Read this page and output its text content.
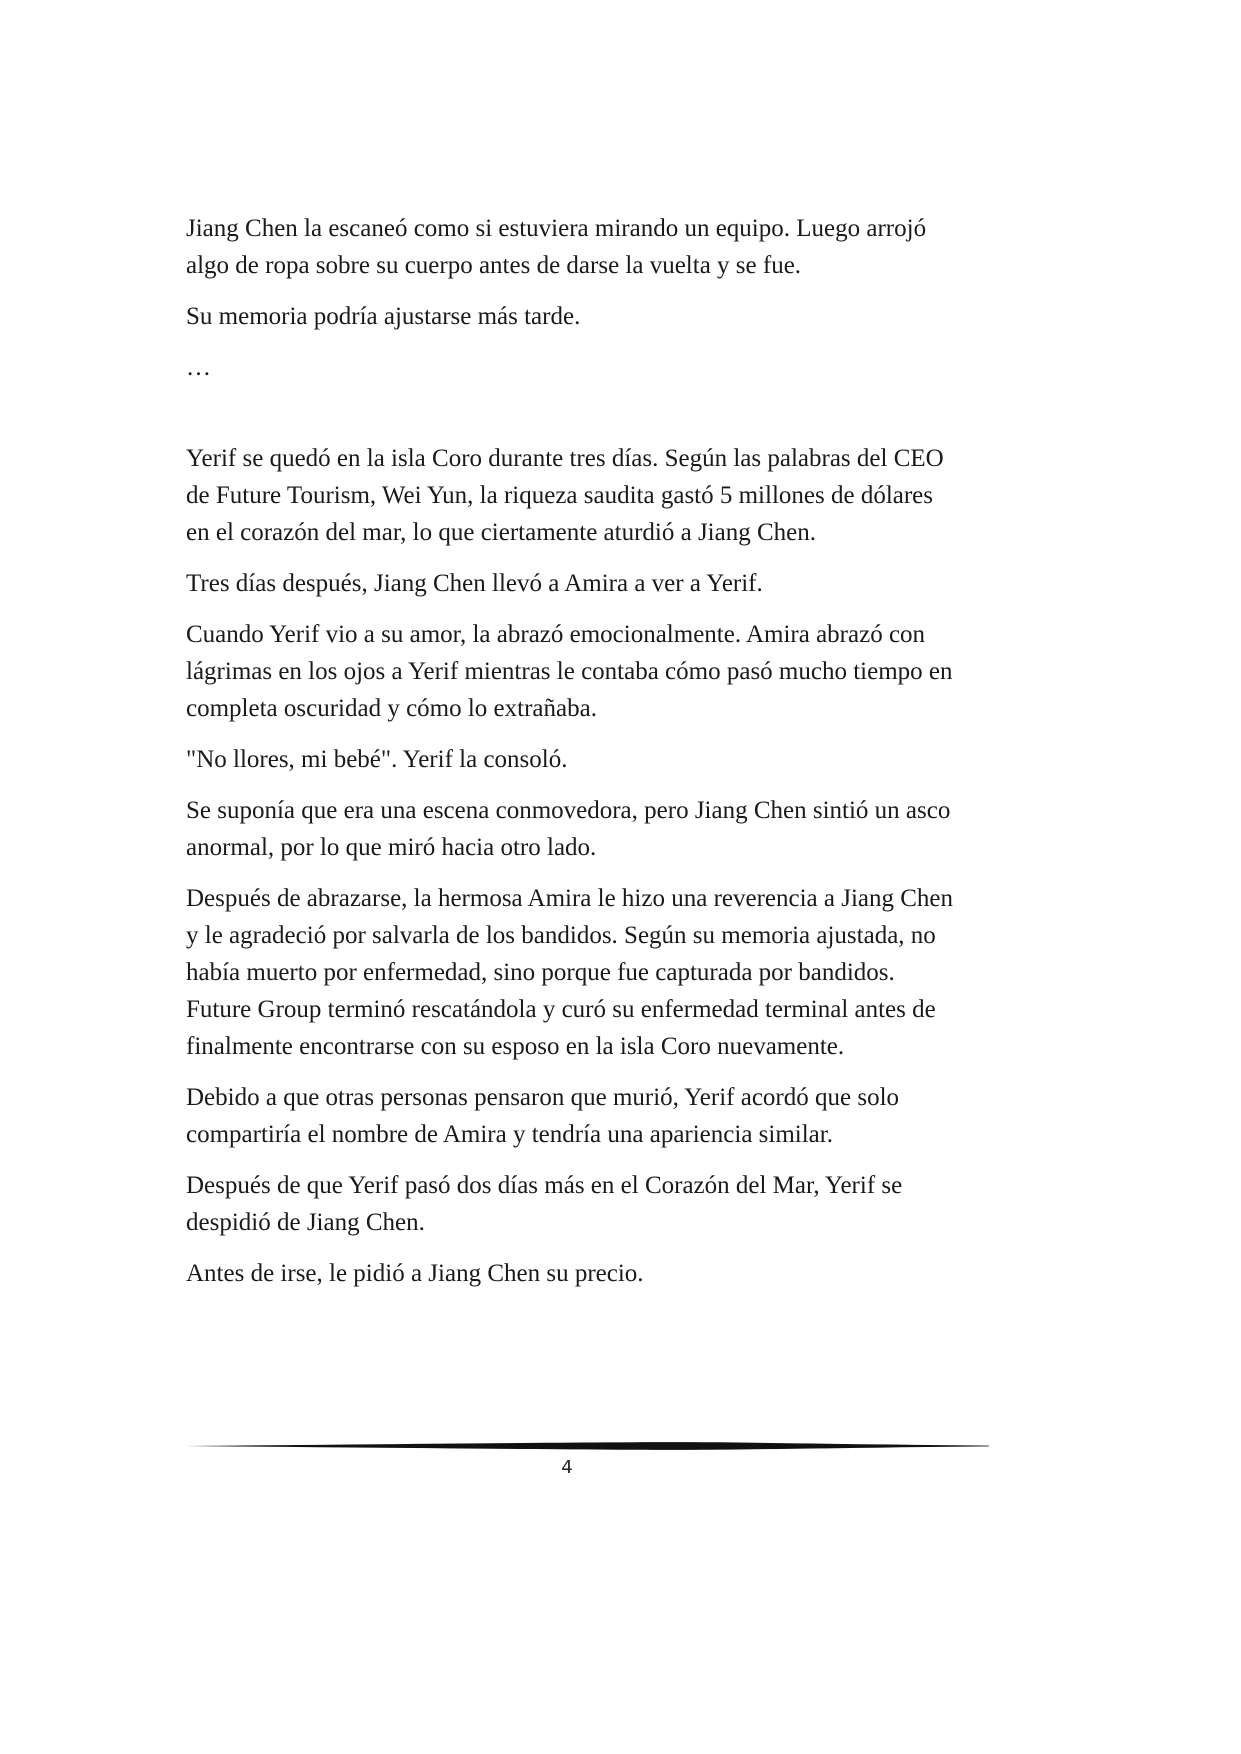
Jiang Chen la escaneó como si estuviera mirando un equipo. Luego arrojó algo de ropa sobre su cuerpo antes de darse la vuelta y se fue.

Su memoria podría ajustarse más tarde.

…

Yerif se quedó en la isla Coro durante tres días. Según las palabras del CEO de Future Tourism, Wei Yun, la riqueza saudita gastó 5 millones de dólares en el corazón del mar, lo que ciertamente aturdió a Jiang Chen.

Tres días después, Jiang Chen llevó a Amira a ver a Yerif.

Cuando Yerif vio a su amor, la abrazó emocionalmente. Amira abrazó con lágrimas en los ojos a Yerif mientras le contaba cómo pasó mucho tiempo en completa oscuridad y cómo lo extrañaba.

"No llores, mi bebé". Yerif la consoló.

Se suponía que era una escena conmovedora, pero Jiang Chen sintió un asco anormal, por lo que miró hacia otro lado.

Después de abrazarse, la hermosa Amira le hizo una reverencia a Jiang Chen y le agradeció por salvarla de los bandidos. Según su memoria ajustada, no había muerto por enfermedad, sino porque fue capturada por bandidos. Future Group terminó rescatándola y curó su enfermedad terminal antes de finalmente encontrarse con su esposo en la isla Coro nuevamente.

Debido a que otras personas pensaron que murió, Yerif acordó que solo compartiría el nombre de Amira y tendría una apariencia similar.

Después de que Yerif pasó dos días más en el Corazón del Mar, Yerif se despidió de Jiang Chen.

Antes de irse, le pidió a Jiang Chen su precio.

4
